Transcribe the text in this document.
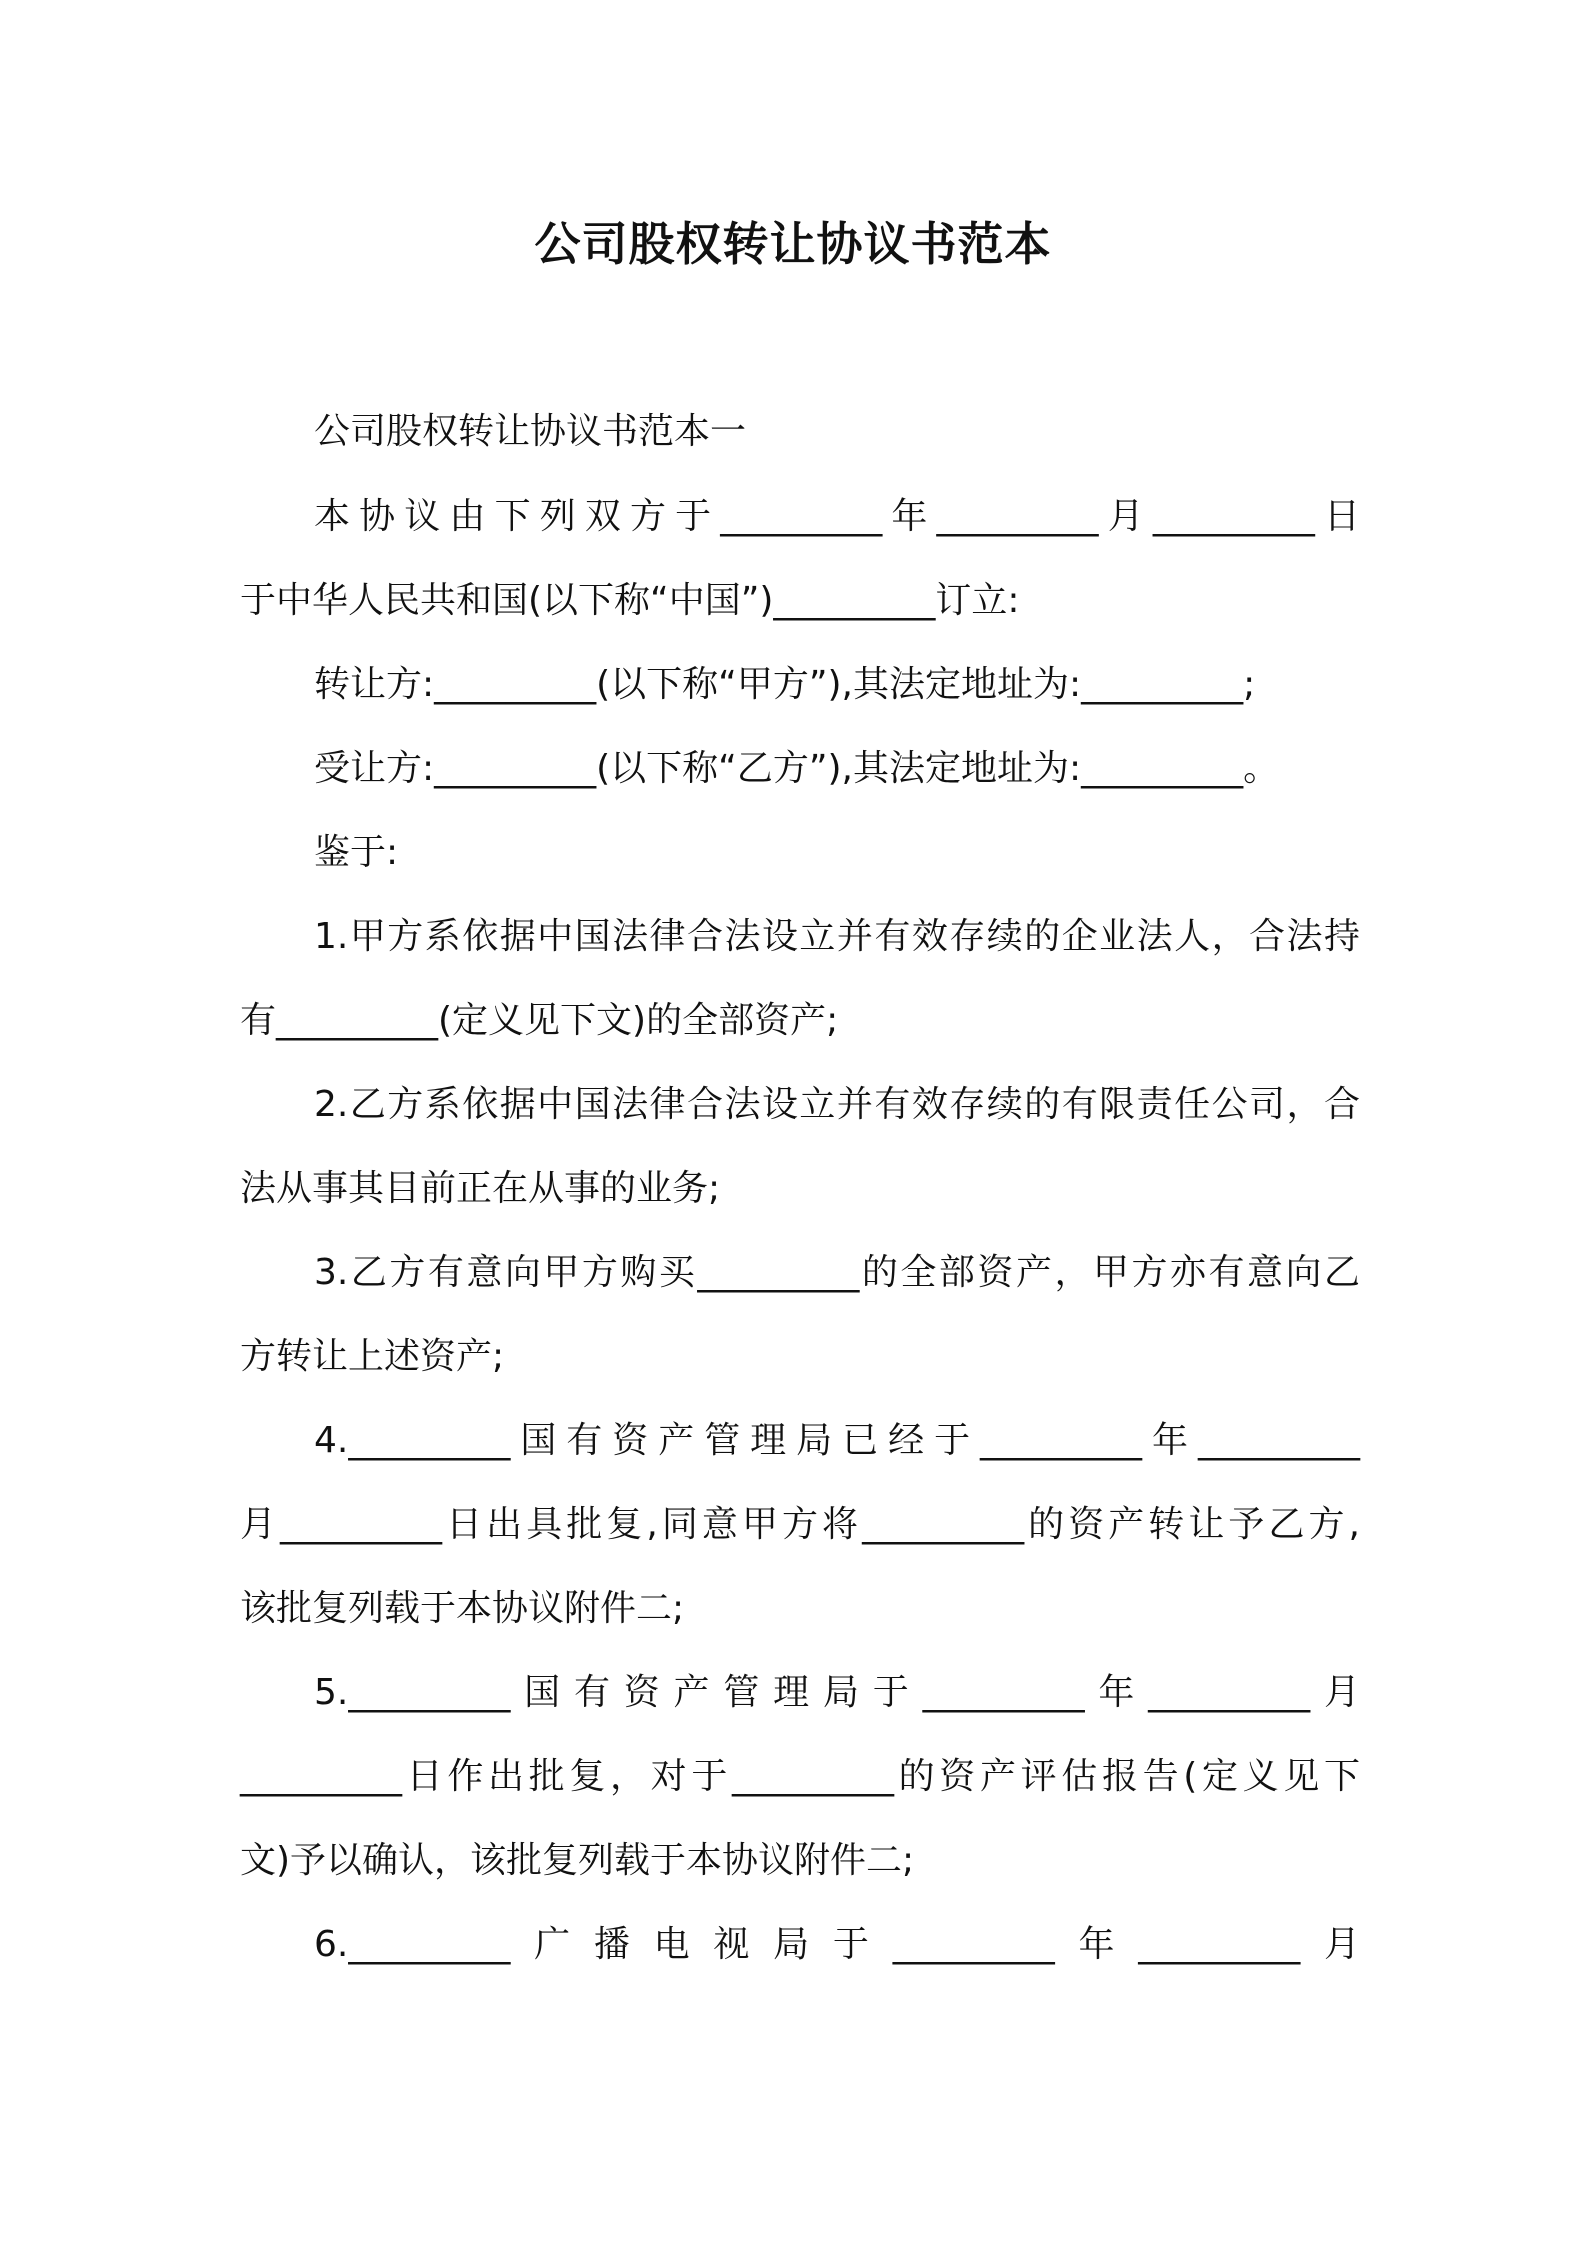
公司股权转让协议书范本
公司股权转让协议书范本一
本协议由下列双方于_________年_________月_________日
于中华人民共和国(以下称“中国”)_________订立:
转让方:_________(以下称“甲方”),其法定地址为:_________;
受让方:_________(以下称“乙方”),其法定地址为:_________。
鉴于:
1.甲方系依据中国法律合法设立并有效存续的企业法人，合法持
有_________(定义见下文)的全部资产;
2.乙方系依据中国法律合法设立并有效存续的有限责任公司，合
法从事其目前正在从事的业务;
3.乙方有意向甲方购买_________的全部资产，甲方亦有意向乙
方转让上述资产;
4._________国有资产管理局已经于_________年_________
月_________日出具批复,同意甲方将_________的资产转让予乙方,
该批复列载于本协议附件二;
5._________国有资产管理局于_________年_________月
_________日作出批复，对于_________的资产评估报告(定义见下
文)予以确认，该批复列载于本协议附件二;
6._________广播电视局于_________年_________月
